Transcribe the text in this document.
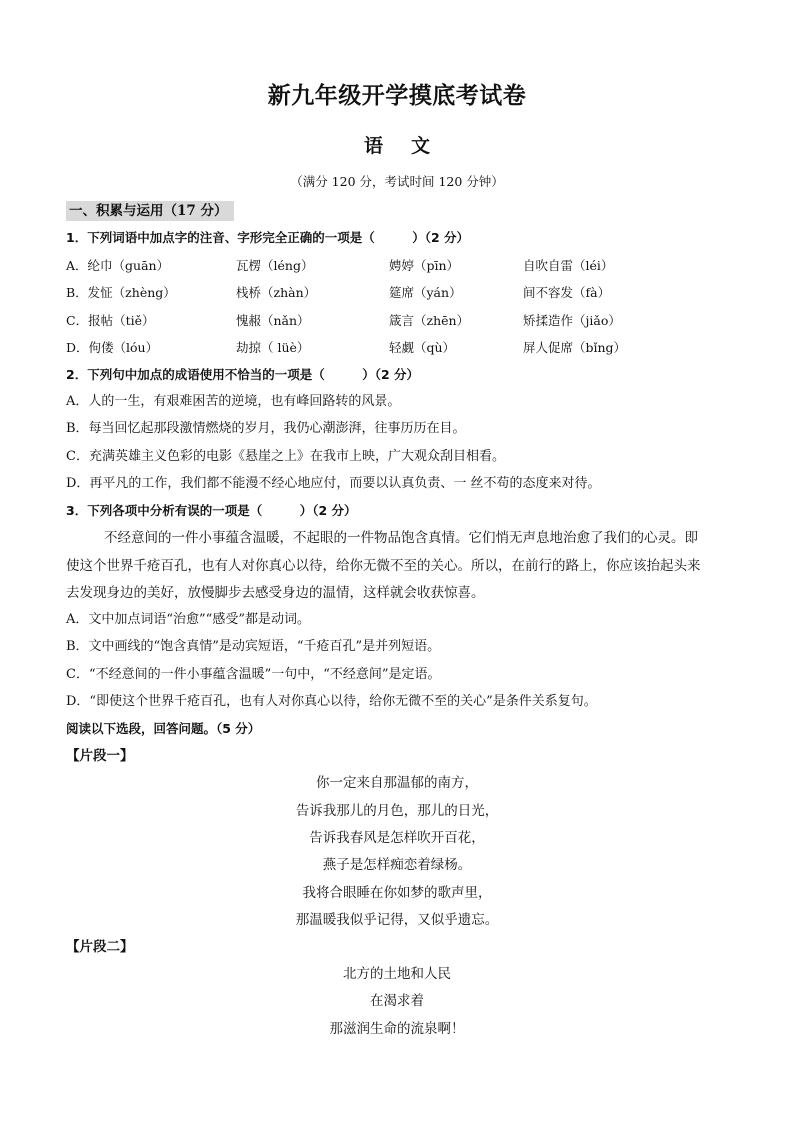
新九年级开学摸底考试卷
语 文
（满分 120 分，考试时间 120 分钟）
一、积累与运用（17 分）
1．下列词语中加点字的注音、字形完全正确的一项是（　　　）（2 分）
A．纶巾（guān）	瓦楞（léng）	娉婷（pīn）	自吹自雷（léi）
B．发怔（zhèng）	栈桥（zhàn）	筵席（yán）	间不容发（fà）
C．报帖（tiě）	愧赧（nǎn）	箴言（zhēn）	矫揉造作（jiǎo）
D．佝偻（lóu）	劫掠（ lüè）	轻觑（qù）	屏人促席（bǐng）
2．下列句中加点的成语使用不恰当的一项是（　　　）（2 分）
A．人的一生，有艰难困苦的逆境，也有峰回路转的风景。
B．每当回忆起那段激情燃烧的岁月，我仍心潮澎湃，往事历历在目。
C．充满英雄主义色彩的电影《悬崖之上》在我市上映，广大观众刮目相看。
D．再平凡的工作，我们都不能漫不经心地应付，而要以认真负责、一 丝不苟的态度来对待。
3．下列各项中分析有误的一项是（　　　）（2 分）
不经意间的一件小事蕴含温暖，不起眼的一件物品饱含真情。它们悄无声息地治愈了我们的心灵。即
使这个世界千疮百孔，也有人对你真心以待，给你无微不至的关心。所以，在前行的路上，你应该抬起头来
去发现身边的美好，放慢脚步去感受身边的温情，这样就会收获惊喜。
A．文中加点词语“治愈”“感受”都是动词。
B．文中画线的“饱含真情”是动宾短语，“千疮百孔”是并列短语。
C．“不经意间的一件小事蕴含温暖”一句中，“不经意间”是定语。
D．“即使这个世界千疮百孔，也有人对你真心以待，给你无微不至的关心”是条件关系复句。
阅读以下选段，回答问题。（5 分）
【片段一】
你一定来自那温郁的南方，
告诉我那儿的月色，那儿的日光，
告诉我春风是怎样吹开百花，
燕子是怎样痴恋着绿杨。
我将合眼睡在你如梦的歌声里，
那温暖我似乎记得，又似乎遗忘。
【片段二】
北方的土地和人民
在渴求着
那滋润生命的流泉啊！
